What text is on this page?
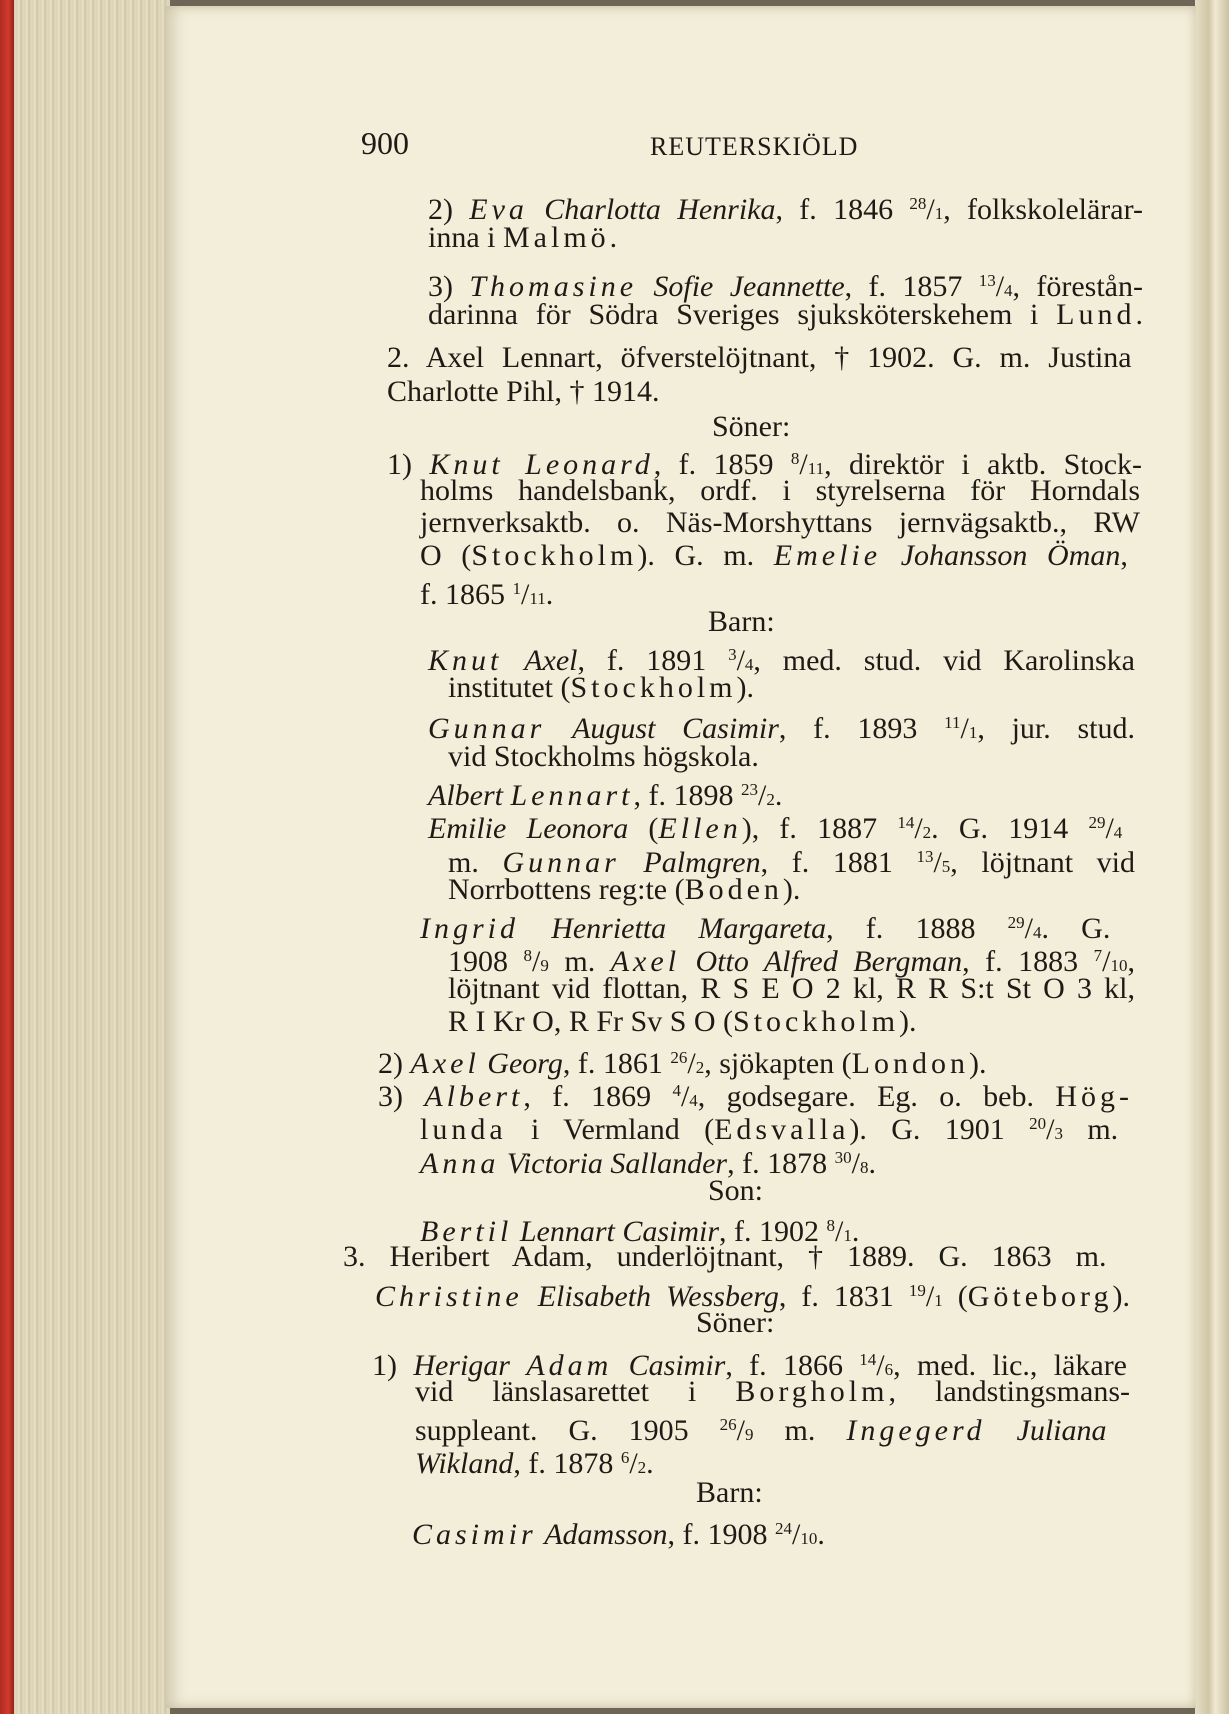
900	REUTERSKIÖLD
2) Eva Charlotta Henrika, f. 1846 $^{28}$/1, folkskolelärar-
inna i Malmö.
3) Thomasine Sofie Jeannette, f. 1857 $^{13}$/4, förestån-
darinna för Södra Sveriges sjuksköterskehem i Lund.
2. Axel Lennart, öfverstelöjtnant, † 1902. G. m. Justina
Charlotte Pihl, † 1914.
Söner:
1) Knut Leonard, f. 1859 $^8$/11, direktör i aktb. Stock-
holms handelsbank, ordf. i styrelserna för Horndals
jernverksaktb. o. Näs-Morshyttans jernvägsaktb., RW
O (Stockholm). G. m. Emelie Johansson Öman,
f. 1865 $^1$/11.
Barn:
Knut Axel, f. 1891 $^3$/4, med. stud. vid Karolinska
institutet (Stockholm).
Gunnar August Casimir, f. 1893 $^{11}$/1, jur. stud.
vid Stockholms högskola.
Albert Lennart, f. 1898 $^{23}$/2.
Emilie Leonora (Ellen), f. 1887 $^{14}$/2. G. 1914 $^{29}$/4
m. Gunnar Palmgren, f. 1881 $^{13}$/5, löjtnant vid
Norrbottens reg:te (Boden).
Ingrid Henrietta Margareta, f. 1888 $^{29}$/4. G.
1908 $^8$/9 m. Axel Otto Alfred Bergman, f. 1883 $^7$/10,
löjtnant vid flottan, R S E O 2 kl, R R S:t St O 3 kl,
R I Kr O, R Fr Sv S O (Stockholm).
2) Axel Georg, f. 1861 $^{26}$/2, sjökapten (London).
3) Albert, f. 1869 $^4$/4, godsegare. Eg. o. beb. Hög-
lunda i Vermland (Edsvalla). G. 1901 $^{20}$/3 m.
Anna Victoria Sallander, f. 1878 $^{30}$/8.
Son:
Bertil Lennart Casimir, f. 1902 $^8$/1.
3. Heribert Adam, underlöjtnant, † 1889. G. 1863 m.
Christine Elisabeth Wessberg, f. 1831 $^{19}$/1 (Göteborg).
Söner:
1) Herigar Adam Casimir, f. 1866 $^{14}$/6, med. lic., läkare
vid länslasarettet i Borgholm, landstingsmans-
suppleant. G. 1905 $^{26}$/9 m. Ingegerd Juliana
Wikland, f. 1878 $^6$/2.
Barn:
Casimir Adamsson, f. 1908 $^{24}$/10.
